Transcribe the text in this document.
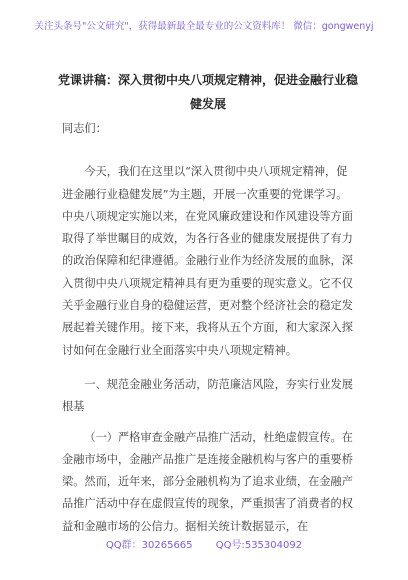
关注头条号"公文研究"，获得最新最全最专业的公文资料库！ 微信：gongwenyj
党课讲稿：深入贯彻中央八项规定精神，促进金融行业稳健发展

同志们：

今天，我们在这里以“深入贯彻中央八项规定精神，促进金融行业稳健发展”为主题，开展一次重要的党课学习。中央八项规定实施以来，在党风廉政建设和作风建设等方面取得了举世瞩目的成效，为各行各业的健康发展提供了有力的政治保障和纪律遵循。金融行业作为经济发展的血脉，深入贯彻中央八项规定精神具有更为重要的现实意义。它不仅关乎金融行业自身的稳健运营，更对整个经济社会的稳定发展起着关键作用。接下来，我将从五个方面，和大家深入探讨如何在金融行业全面落实中央八项规定精神。

一、规范金融业务活动，防范廉洁风险，夯实行业发展根基

（一）严格审查金融产品推广活动，杜绝虚假宣传。在金融市场中，金融产品推广是连接金融机构与客户的重要桥梁。然而，近年来，部分金融机构为了追求业绩，在金融产品推广活动中存在虚假宣传的现象，严重损害了消费者的权益和金融市场的公信力。据相关统计数据显示，在

QQ群：30265665 QQ号:535304092
